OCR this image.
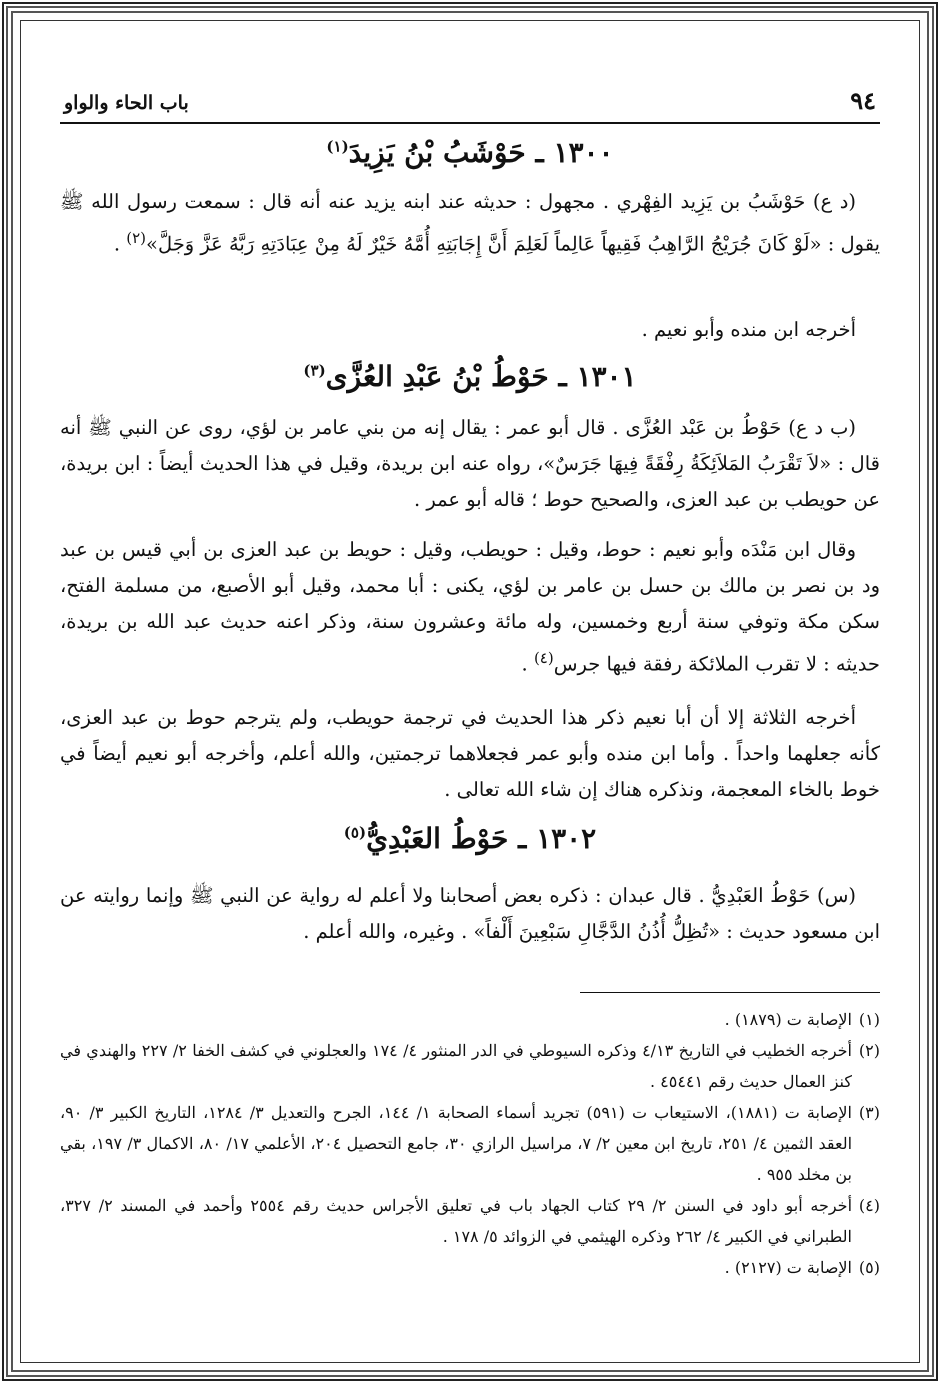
٩٤
باب الحاء والواو
١٣٠٠ ـ حَوْشَبُ بْنُ يَزِيدَ$^{(١)}$
(د ع) حَوْشَبُ بن يَزِيد الفِهْري . مجهول : حديثه عند ابنه يزيد عنه أنه قال : سمعت رسول الله ﷺ يقول : «لَوْ كَانَ جُرَيْجُ الرَّاهِبُ فَقِيهاً عَالِماً لَعَلِمَ أَنَّ إِجَابَتِهِ أُمَّهُ خَيْرٌ لَهُ مِنْ عِبَادَتِهِ رَبَّهُ عَزَّ وَجَلَّ»$^{(٢)}$ .
أخرجه ابن منده وأبو نعيم .
١٣٠١ ـ حَوْطُ بْنُ عَبْدِ العُزَّى$^{(٣)}$
(ب د ع) حَوْطُ بن عَبْد العُزَّى . قال أبو عمر : يقال إنه من بني عامر بن لؤي، روى عن النبي ﷺ أنه قال : «لاَ تَقْرَبُ المَلاَئِكَةُ رِفْقَةً فِيهَا جَرَسٌ»، رواه عنه ابن بريدة، وقيل في هذا الحديث أيضاً : ابن بريدة، عن حويطب بن عبد العزى، والصحيح حوط ؛ قاله أبو عمر .
وقال ابن مَنْدَه وأبو نعيم : حوط، وقيل : حويطب، وقيل : حويط بن عبد العزى بن أبي قيس بن عبد ود بن نصر بن مالك بن حسل بن عامر بن لؤي، يكنى : أبا محمد، وقيل أبو الأصبع، من مسلمة الفتح، سكن مكة وتوفي سنة أربع وخمسين، وله مائة وعشرون سنة، وذكر اعنه حديث عبد الله بن بريدة، حديثه : لا تقرب الملائكة رفقة فيها جرس$^{(٤)}$ .
أخرجه الثلاثة إلا أن أبا نعيم ذكر هذا الحديث في ترجمة حويطب، ولم يترجم حوط بن عبد العزى، كأنه جعلهما واحداً . وأما ابن منده وأبو عمر فجعلاهما ترجمتين، والله أعلم، وأخرجه أبو نعيم أيضاً في خوط بالخاء المعجمة، ونذكره هناك إن شاء الله تعالى .
١٣٠٢ ـ حَوْطُ العَبْدِيُّ$^{(٥)}$
(س) حَوْطُ العَبْدِيُّ . قال عبدان : ذكره بعض أصحابنا ولا أعلم له رواية عن النبي ﷺ وإنما روايته عن ابن مسعود حديث : «تُظِلُّ أُذُنُ الدَّجَّالِ سَبْعِينَ أَلْفاً» . وغيره، والله أعلم .
(١)
الإصابة ت (١٨٧٩) .
(٢)
أخرجه الخطيب في التاريخ ٤/١٣ وذكره السيوطي في الدر المنثور ٤/ ١٧٤ والعجلوني في كشف الخفا ٢/ ٢٢٧ والهندي في كنز العمال حديث رقم ٤٥٤٤١ .
(٣)
الإصابة ت (١٨٨١)، الاستيعاب ت (٥٩١) تجريد أسماء الصحابة ١/ ١٤٤، الجرح والتعديل ٣/ ١٢٨٤، التاريخ الكبير ٣/ ٩٠، العقد الثمين ٤/ ٢٥١، تاريخ ابن معين ٢/ ٧، مراسيل الرازي ٣٠، جامع التحصيل ٢٠٤، الأعلمي ١٧/ ٨٠، الاكمال ٣/ ١٩٧، بقي بن مخلد ٩٥٥ .
(٤)
أخرجه أبو داود في السنن ٢/ ٢٩ كتاب الجهاد باب في تعليق الأجراس حديث رقم ٢٥٥٤ وأحمد في المسند ٢/ ٣٢٧، الطبراني في الكبير ٤/ ٢٦٢ وذكره الهيثمي في الزوائد ٥/ ١٧٨ .
(٥)
الإصابة ت (٢١٢٧) .
